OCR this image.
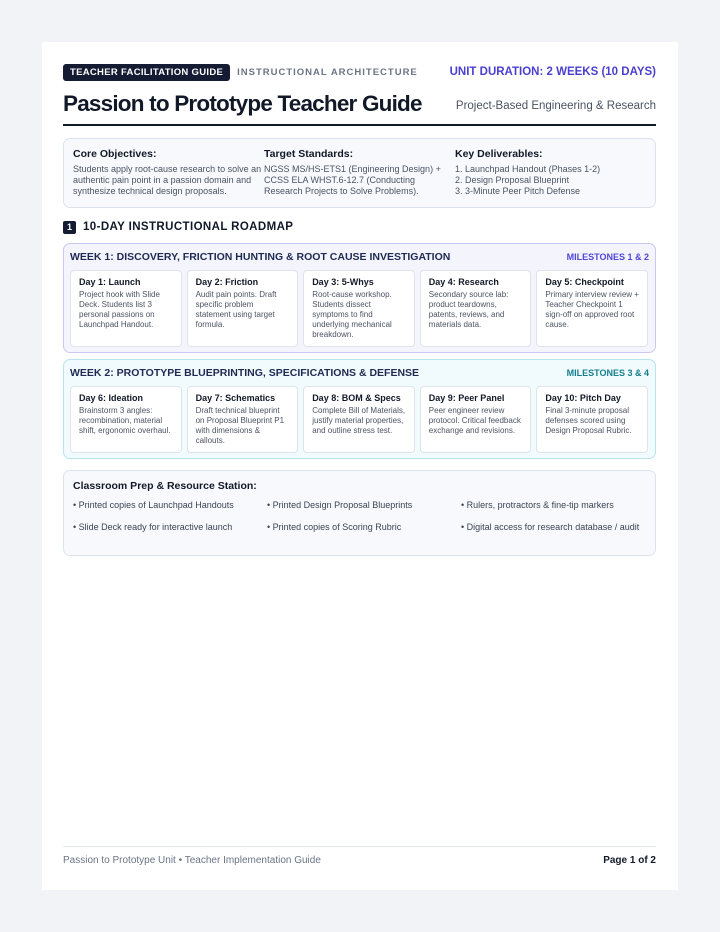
TEACHER FACILITATION GUIDE	INSTRUCTIONAL ARCHITECTURE	UNIT DURATION: 2 WEEKS (10 DAYS)
Passion to Prototype Teacher Guide	Project-Based Engineering & Research
Core Objectives:
Students apply root-cause research to solve an authentic pain point in a passion domain and synthesize technical design proposals.
Target Standards:
NGSS MS/HS-ETS1 (Engineering Design) + CCSS ELA WHST.6-12.7 (Conducting Research Projects to Solve Problems).
Key Deliverables:
1. Launchpad Handout (Phases 1-2)
2. Design Proposal Blueprint
3. 3-Minute Peer Pitch Defense
1 10-DAY INSTRUCTIONAL ROADMAP
WEEK 1: DISCOVERY, FRICTION HUNTING & ROOT CAUSE INVESTIGATION	MILESTONES 1 & 2
Day 1: Launch
Project hook with Slide Deck. Students list 3 personal passions on Launchpad Handout.
Day 2: Friction
Audit pain points. Draft specific problem statement using target formula.
Day 3: 5-Whys
Root-cause workshop. Students dissect symptoms to find underlying mechanical breakdown.
Day 4: Research
Secondary source lab: product teardowns, patents, reviews, and materials data.
Day 5: Checkpoint
Primary interview review + Teacher Checkpoint 1 sign-off on approved root cause.
WEEK 2: PROTOTYPE BLUEPRINTING, SPECIFICATIONS & DEFENSE	MILESTONES 3 & 4
Day 6: Ideation
Brainstorm 3 angles: recombination, material shift, ergonomic overhaul.
Day 7: Schematics
Draft technical blueprint on Proposal Blueprint P1 with dimensions & callouts.
Day 8: BOM & Specs
Complete Bill of Materials, justify material properties, and outline stress test.
Day 9: Peer Panel
Peer engineer review protocol. Critical feedback exchange and revisions.
Day 10: Pitch Day
Final 3-minute proposal defenses scored using Design Proposal Rubric.
Classroom Prep & Resource Station:
• Printed copies of Launchpad Handouts	• Printed Design Proposal Blueprints	• Rulers, protractors & fine-tip markers
• Slide Deck ready for interactive launch	• Printed copies of Scoring Rubric	• Digital access for research database / audit
Passion to Prototype Unit • Teacher Implementation Guide	Page 1 of 2
